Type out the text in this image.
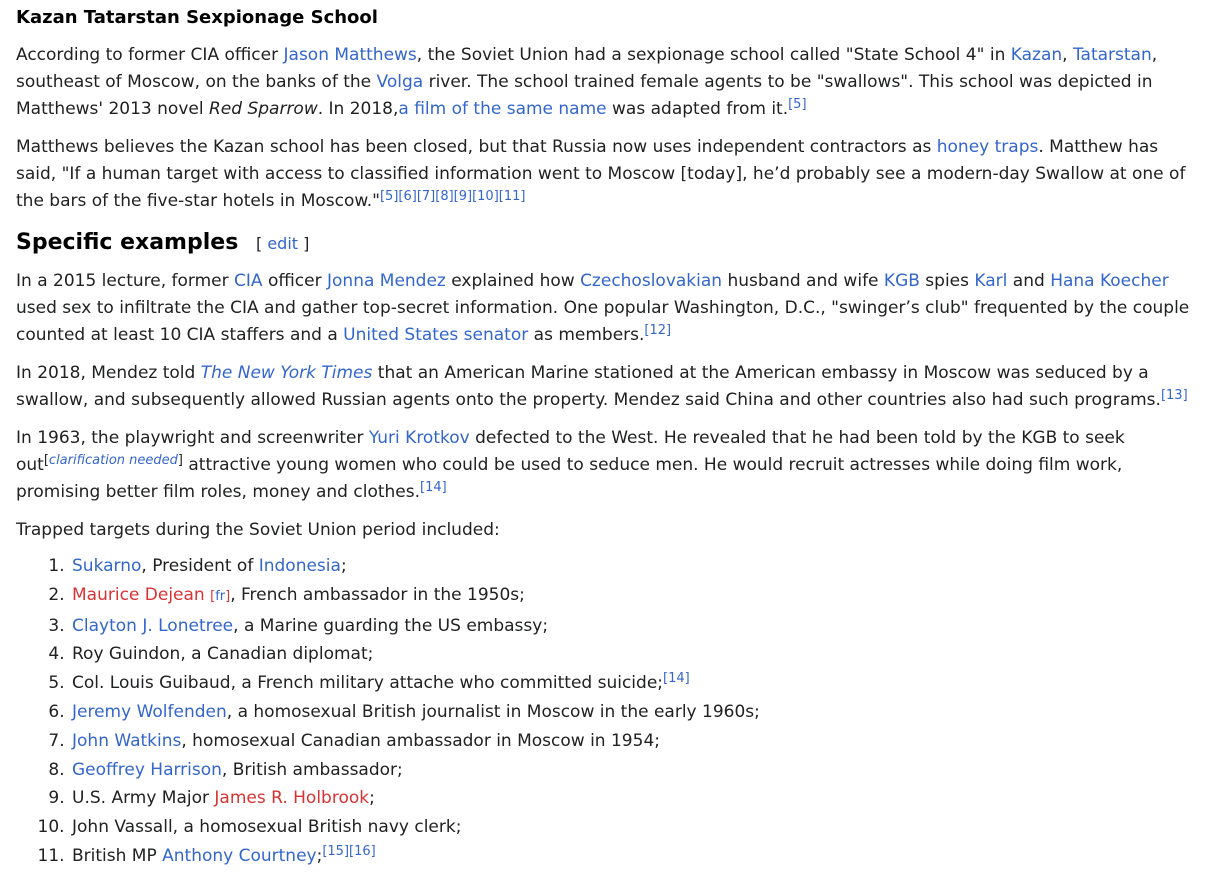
Kazan Tatarstan Sexpionage School

According to former CIA officer Jason Matthews, the Soviet Union had a sexpionage school called "State School 4" in Kazan, Tatarstan, southeast of Moscow, on the banks of the Volga river. The school trained female agents to be "swallows". This school was depicted in Matthews' 2013 novel Red Sparrow. In 2018,a film of the same name was adapted from it.[5]

Matthews believes the Kazan school has been closed, but that Russia now uses independent contractors as honey traps. Matthew has said, "If a human target with access to classified information went to Moscow [today], he’d probably see a modern-day Swallow at one of the bars of the five-star hotels in Moscow."[5][6][7][8][9][10][11]

Specific examples [ edit ]

In a 2015 lecture, former CIA officer Jonna Mendez explained how Czechoslovakian husband and wife KGB spies Karl and Hana Koecher used sex to infiltrate the CIA and gather top-secret information. One popular Washington, D.C., "swinger’s club" frequented by the couple counted at least 10 CIA staffers and a United States senator as members.[12]

In 2018, Mendez told The New York Times that an American Marine stationed at the American embassy in Moscow was seduced by a swallow, and subsequently allowed Russian agents onto the property. Mendez said China and other countries also had such programs.[13]

In 1963, the playwright and screenwriter Yuri Krotkov defected to the West. He revealed that he had been told by the KGB to seek out[clarification needed] attractive young women who could be used to seduce men. He would recruit actresses while doing film work, promising better film roles, money and clothes.[14]

Trapped targets during the Soviet Union period included:

1. Sukarno, President of Indonesia;
2. Maurice Dejean [fr], French ambassador in the 1950s;
3. Clayton J. Lonetree, a Marine guarding the US embassy;
4. Roy Guindon, a Canadian diplomat;
5. Col. Louis Guibaud, a French military attache who committed suicide;[14]
6. Jeremy Wolfenden, a homosexual British journalist in Moscow in the early 1960s;
7. John Watkins, homosexual Canadian ambassador in Moscow in 1954;
8. Geoffrey Harrison, British ambassador;
9. U.S. Army Major James R. Holbrook;
10. John Vassall, a homosexual British navy clerk;
11. British MP Anthony Courtney;[15][16]
